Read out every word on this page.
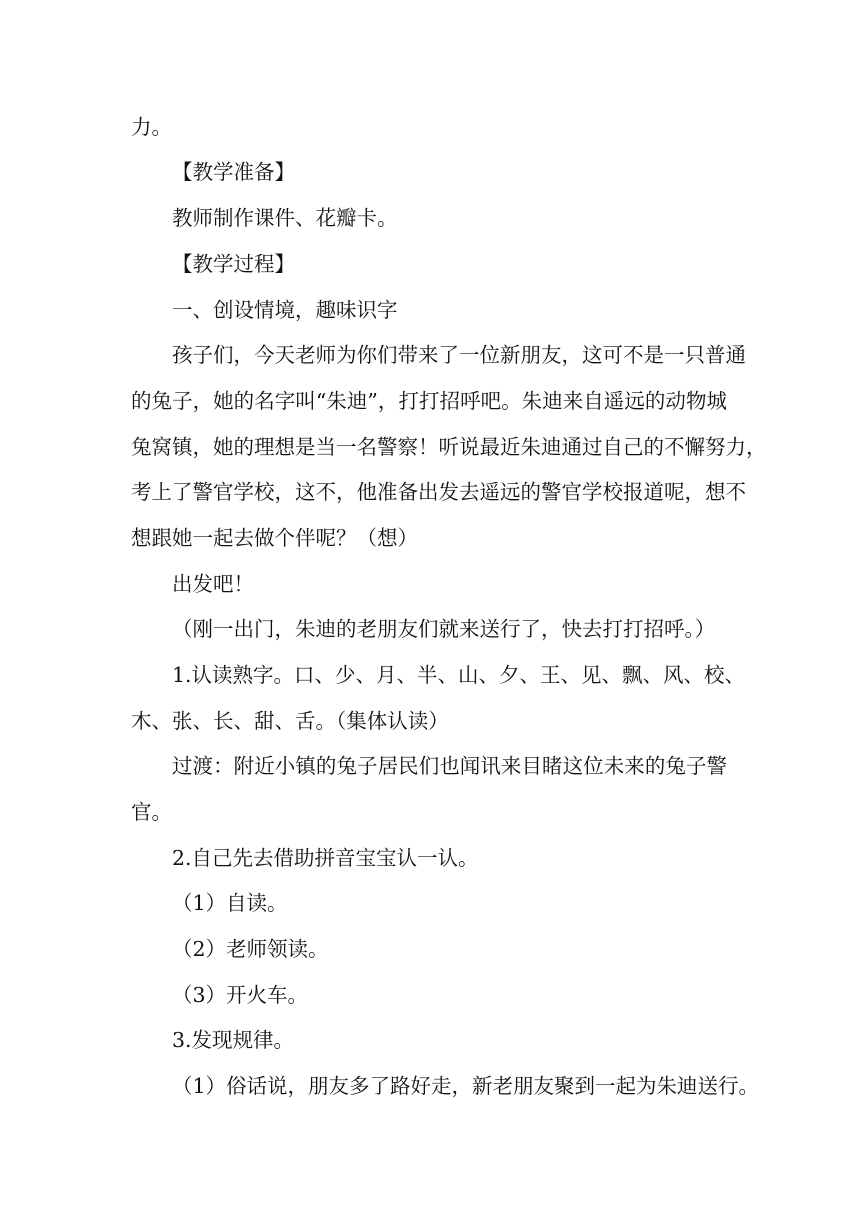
力。

【教学准备】

教师制作课件、花瓣卡。

【教学过程】

一、创设情境，趣味识字

孩子们，今天老师为你们带来了一位新朋友，这可不是一只普通

的兔子，她的名字叫“朱迪”，打打招呼吧。朱迪来自遥远的动物城

兔窝镇，她的理想是当一名警察！听说最近朱迪通过自己的不懈努力，

考上了警官学校，这不，他准备出发去遥远的警官学校报道呢，想不

想跟她一起去做个伴呢？（想）

出发吧！

（刚一出门，朱迪的老朋友们就来送行了，快去打打招呼。）

1.认读熟字。口、少、月、半、山、夕、王、见、飘、风、校、

木、张、长、甜、舌。（集体认读）

过渡：附近小镇的兔子居民们也闻讯来目睹这位未来的兔子警

官。

2.自己先去借助拼音宝宝认一认。

（1）自读。

（2）老师领读。

（3）开火车。

3.发现规律。

（1）俗话说，朋友多了路好走，新老朋友聚到一起为朱迪送行。
